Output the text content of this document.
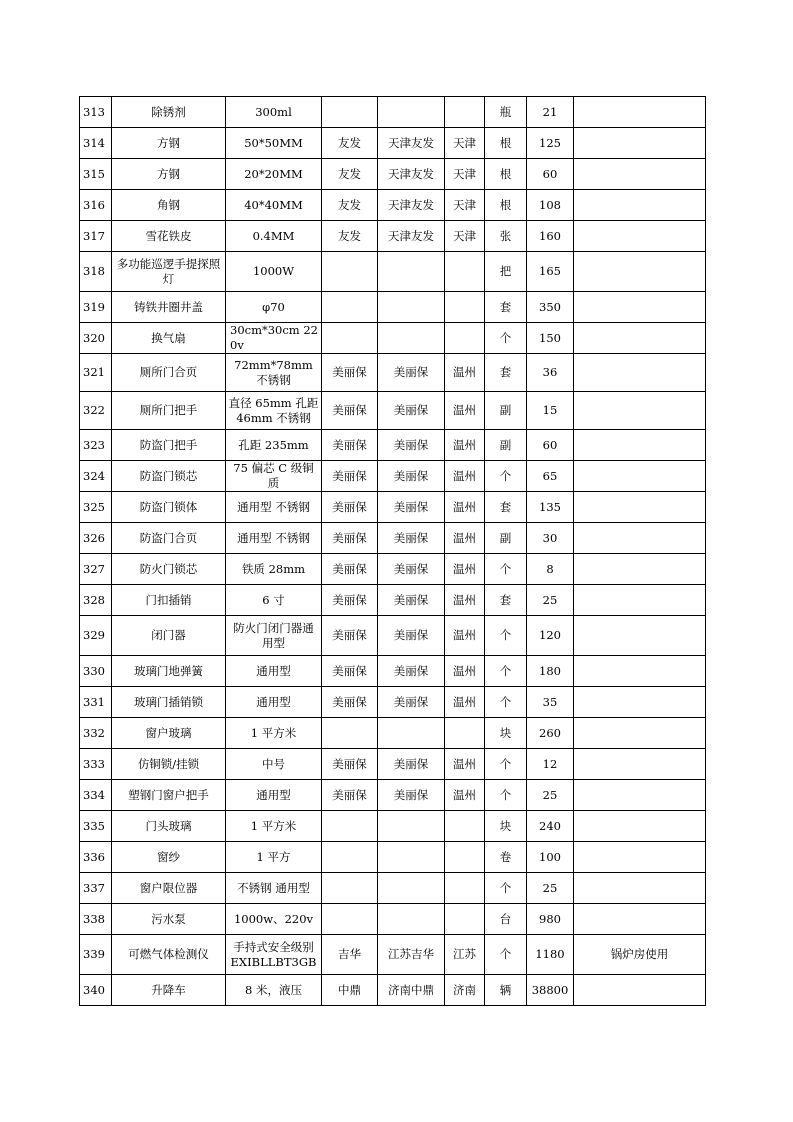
313	除锈剂	300ml				瓶	21	
314	方钢	50*50MM	友发	天津友发	天津	根	125	
315	方钢	20*20MM	友发	天津友发	天津	根	60	
316	角钢	40*40MM	友发	天津友发	天津	根	108	
317	雪花铁皮	0.4MM	友发	天津友发	天津	张	160	
318	多功能巡逻手提探照灯	1000W				把	165	
319	铸铁井圈井盖	φ70				套	350	
320	换气扇	30cm*30cm 220v				个	150	
321	厕所门合页	72mm*78mm 不锈钢	美丽保	美丽保	温州	套	36	
322	厕所门把手	直径 65mm 孔距 46mm 不锈钢	美丽保	美丽保	温州	副	15	
323	防盗门把手	孔距 235mm	美丽保	美丽保	温州	副	60	
324	防盗门锁芯	75 偏芯 C 级铜质	美丽保	美丽保	温州	个	65	
325	防盗门锁体	通用型 不锈钢	美丽保	美丽保	温州	套	135	
326	防盗门合页	通用型 不锈钢	美丽保	美丽保	温州	副	30	
327	防火门锁芯	铁质 28mm	美丽保	美丽保	温州	个	8	
328	门扣插销	6 寸	美丽保	美丽保	温州	套	25	
329	闭门器	防火门闭门器通用型	美丽保	美丽保	温州	个	120	
330	玻璃门地弹簧	通用型	美丽保	美丽保	温州	个	180	
331	玻璃门插销锁	通用型	美丽保	美丽保	温州	个	35	
332	窗户玻璃	1 平方米				块	260	
333	仿铜锁/挂锁	中号	美丽保	美丽保	温州	个	12	
334	塑钢门窗户把手	通用型	美丽保	美丽保	温州	个	25	
335	门头玻璃	1 平方米				块	240	
336	窗纱	1 平方				卷	100	
337	窗户限位器	不锈钢 通用型				个	25	
338	污水泵	1000w、220v				台	980	
339	可燃气体检测仪	手持式安全级别 EXIBLLBT3GB	吉华	江苏吉华	江苏	个	1180	锅炉房使用
340	升降车	8 米，液压	中鼎	济南中鼎	济南	辆	38800	
